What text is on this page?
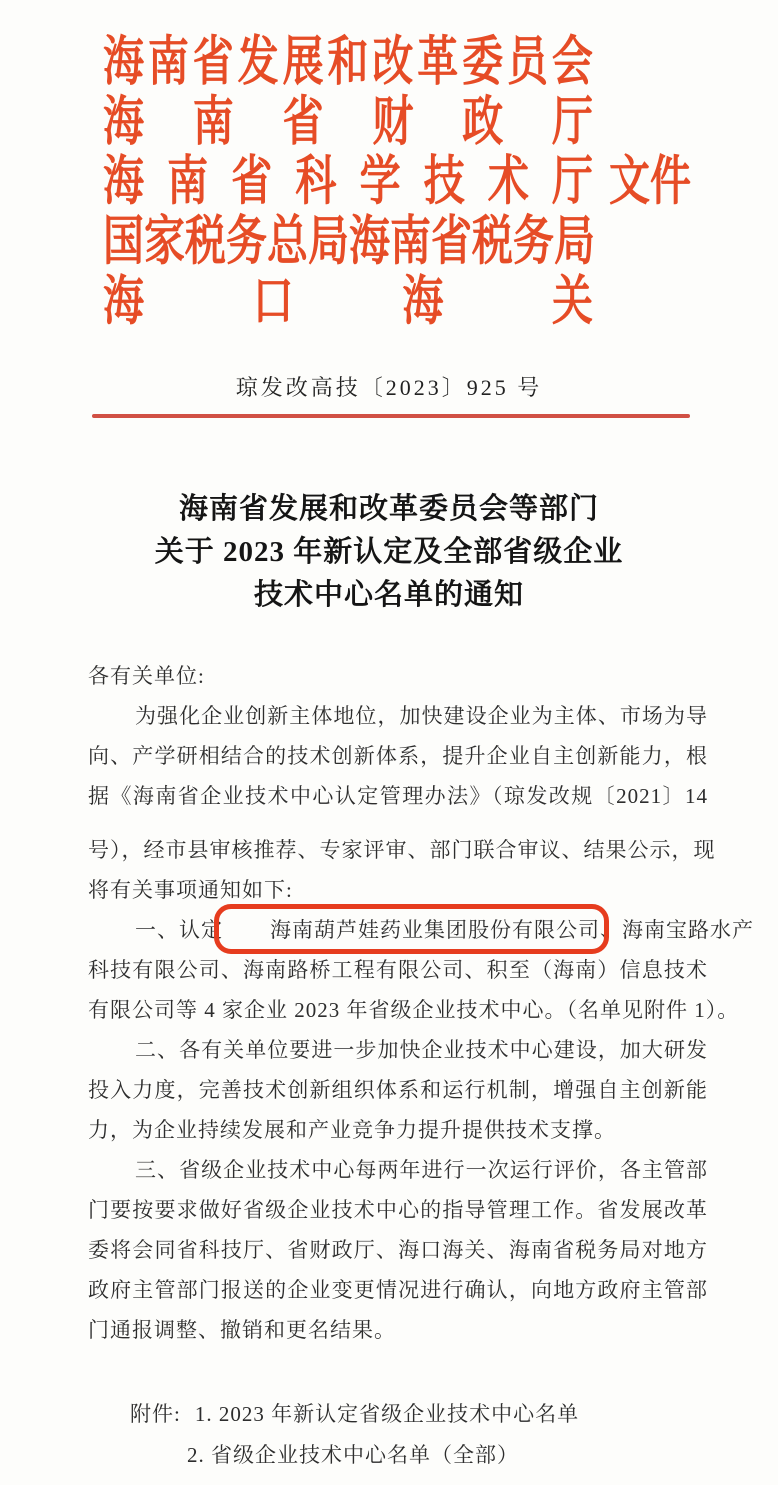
海 南 省 发 展 和 改 革 委 员 会
海 南 省 财 政 厅
海 南 省 科 学 技 术 厅 文件
国 家 税 务 总 局 海 南 省 税 务 局
海	口	海	关
琼发改高技〔2023〕925 号
海南省发展和改革委员会等部门
关于 2023 年新认定及全部省级企业
技术中心名单的通知
各有关单位:
为强化企业创新主体地位，加快建设企业为主体、市场为导
向、产学研相结合的技术创新体系，提升企业自主创新能力，根
据《海南省企业技术中心认定管理办法》（琼发改规〔2021〕14
号），经市县审核推荐、专家评审、部门联合审议、结果公示，现
将有关事项通知如下:
一、认定 海南葫芦娃药业集团股份有限公司、海南宝路水产
科技有限公司、海南路桥工程有限公司、积至（海南）信息技术
有限公司等 4 家企业 2023 年省级企业技术中心。（名单见附件 1）。
二、各有关单位要进一步加快企业技术中心建设，加大研发
投入力度，完善技术创新组织体系和运行机制，增强自主创新能
力，为企业持续发展和产业竞争力提升提供技术支撑。
三、省级企业技术中心每两年进行一次运行评价，各主管部
门要按要求做好省级企业技术中心的指导管理工作。省发展改革
委将会同省科技厅、省财政厅、海口海关、海南省税务局对地方
政府主管部门报送的企业变更情况进行确认，向地方政府主管部
门通报调整、撤销和更名结果。
附件: 1. 2023 年新认定省级企业技术中心名单
2. 省级企业技术中心名单（全部）
